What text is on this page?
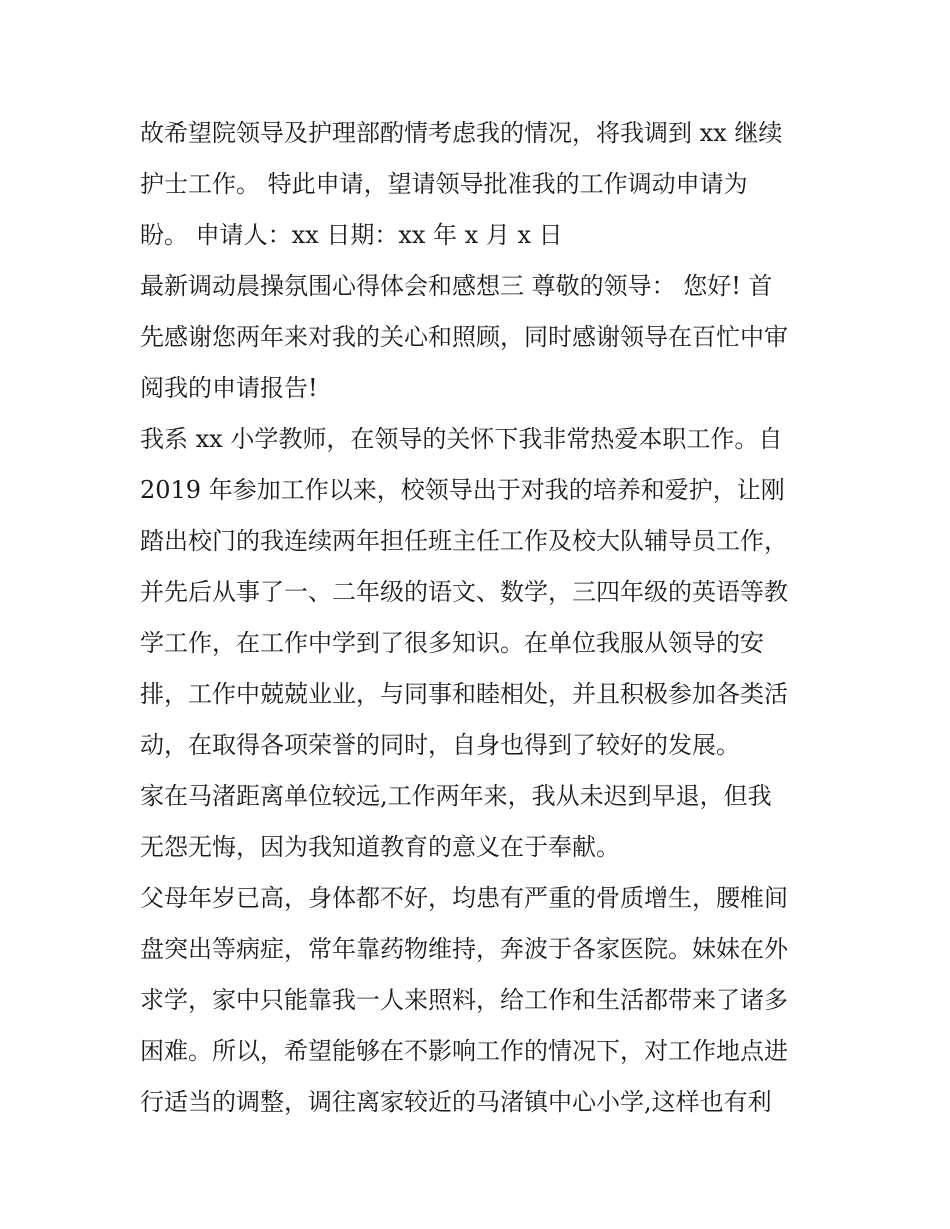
故希望院领导及护理部酌情考虑我的情况，将我调到 xx 继续
护士工作。 特此申请，望请领导批准我的工作调动申请为
盼。 申请人：xx 日期：xx 年 x 月 x 日
最新调动晨操氛围心得体会和感想三 尊敬的领导： 您好! 首
先感谢您两年来对我的关心和照顾，同时感谢领导在百忙中审
阅我的申请报告!
我系 xx 小学教师，在领导的关怀下我非常热爱本职工作。自
2019 年参加工作以来，校领导出于对我的培养和爱护，让刚
踏出校门的我连续两年担任班主任工作及校大队辅导员工作，
并先后从事了一、二年级的语文、数学，三四年级的英语等教
学工作，在工作中学到了很多知识。在单位我服从领导的安
排，工作中兢兢业业，与同事和睦相处，并且积极参加各类活
动，在取得各项荣誉的同时，自身也得到了较好的发展。
家在马渚距离单位较远,工作两年来，我从未迟到早退，但我
无怨无悔，因为我知道教育的意义在于奉献。
父母年岁已高，身体都不好，均患有严重的骨质增生，腰椎间
盘突出等病症，常年靠药物维持，奔波于各家医院。妹妹在外
求学，家中只能靠我一人来照料，给工作和生活都带来了诸多
困难。所以，希望能够在不影响工作的情况下，对工作地点进
行适当的调整，调往离家较近的马渚镇中心小学,这样也有利
